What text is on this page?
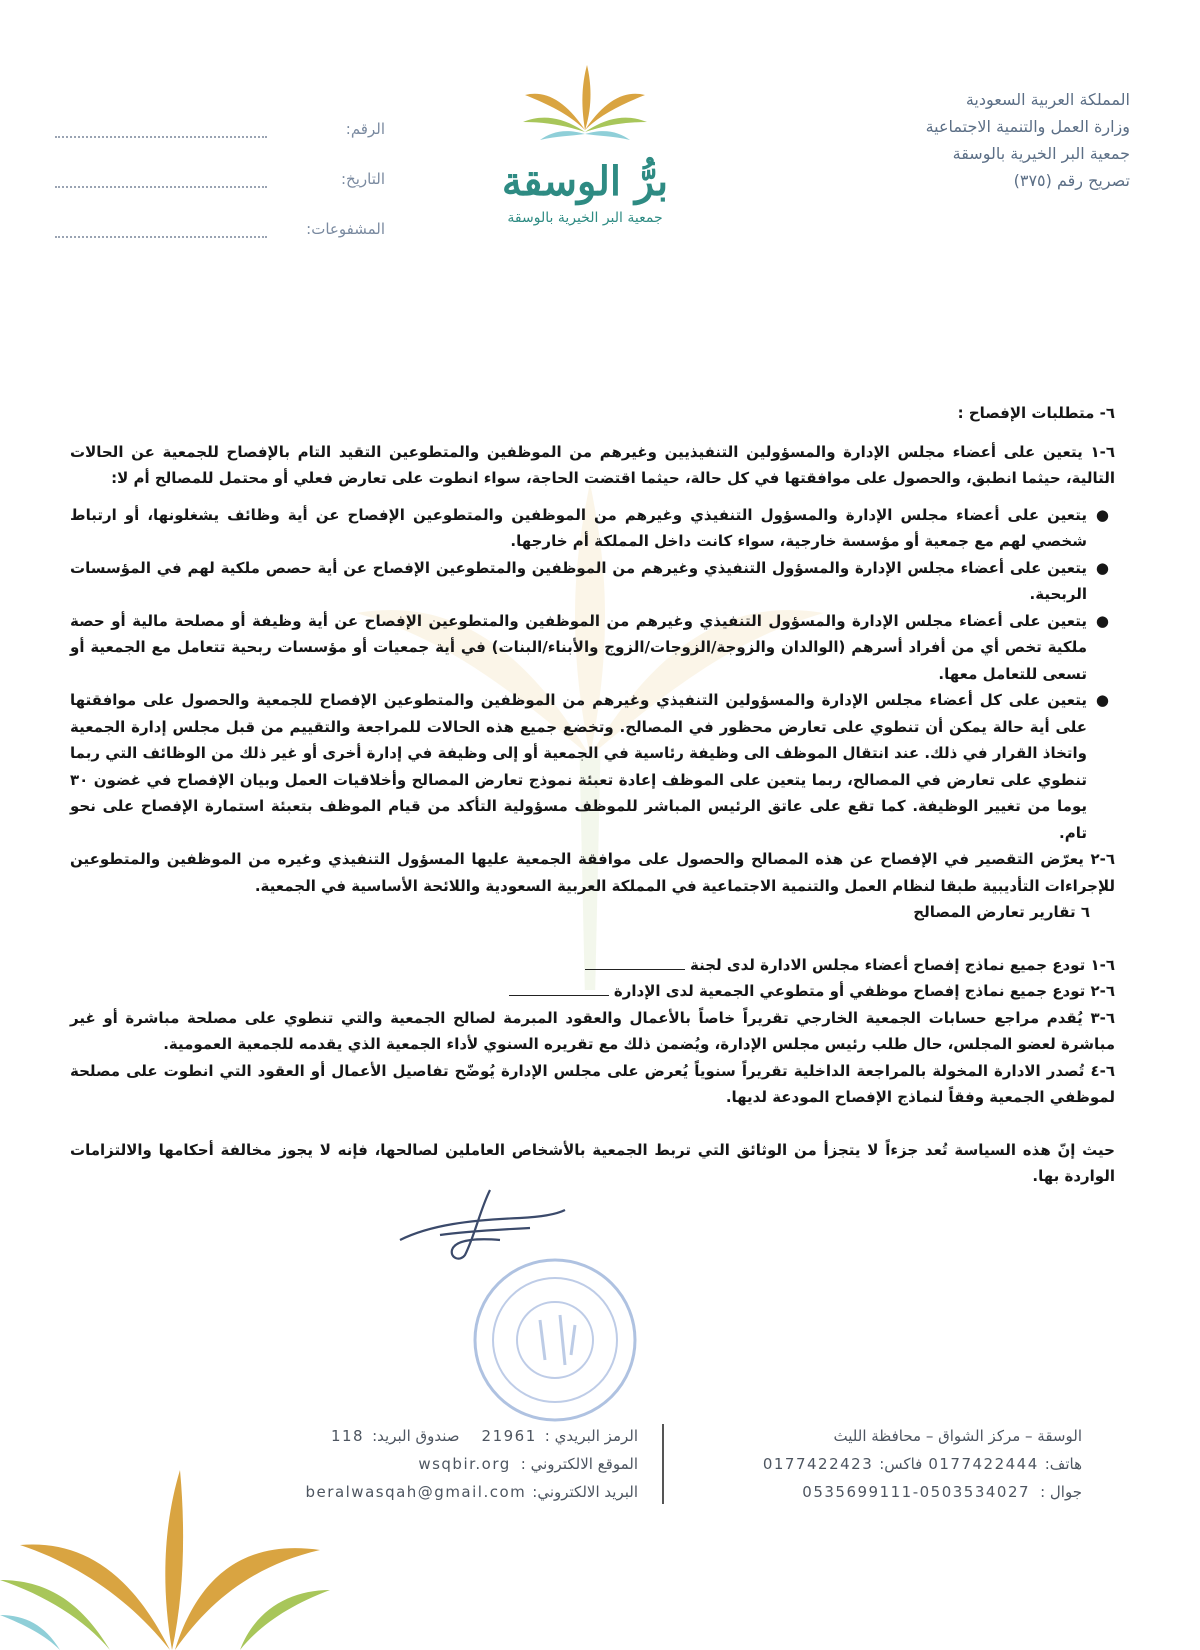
المملكة العربية السعودية
وزارة العمل والتنمية الاجتماعية
جمعية البر الخيرية بالوسقة
تصريح رقم (٣٧٥)
برُّ الوسقة
جمعية البر الخيرية بالوسقة
الرقم:
التاريخ:
المشفوعات:

٦- متطلبات الإفصاح :

٦-١ يتعين على أعضاء مجلس الإدارة والمسؤولين التنفيذيين وغيرهم من الموظفين والمتطوعين التقيد التام بالإفصاح للجمعية عن الحالات التالية، حيثما انطبق، والحصول على موافقتها في كل حالة، حيثما اقتضت الحاجة، سواء انطوت على تعارض فعلي أو محتمل للمصالح أم لا:

●
يتعين على أعضاء مجلس الإدارة والمسؤول التنفيذي وغيرهم من الموظفين والمتطوعين الإفصاح عن أية وظائف يشغلونها، أو ارتباط شخصي لهم مع جمعية أو مؤسسة خارجية، سواء كانت داخل المملكة أم خارجها.
●
يتعين على أعضاء مجلس الإدارة والمسؤول التنفيذي وغيرهم من الموظفين والمتطوعين الإفصاح عن أية حصص ملكية لهم في المؤسسات الربحية.
●
يتعين على أعضاء مجلس الإدارة والمسؤول التنفيذي وغيرهم من الموظفين والمتطوعين الإفصاح عن أية وظيفة أو مصلحة مالية أو حصة ملكية تخص أي من أفراد أسرهم (الوالدان والزوجة/الزوجات/الزوج والأبناء/البنات) في أية جمعيات أو مؤسسات ربحية تتعامل مع الجمعية أو تسعى للتعامل معها.
●
يتعين على كل أعضاء مجلس الإدارة والمسؤولين التنفيذي وغيرهم من الموظفين والمتطوعين الإفصاح للجمعية والحصول على موافقتها على أية حالة يمكن أن تنطوي على تعارض محظور في المصالح. وتخضع جميع هذه الحالات للمراجعة والتقييم من قبل مجلس إدارة الجمعية واتخاذ القرار في ذلك. عند انتقال الموظف الى وظيفة رئاسية في الجمعية أو إلى وظيفة في إدارة أخرى أو غير ذلك من الوظائف التي ربما تنطوي على تعارض في المصالح، ربما يتعين على الموظف إعادة تعبئة نموذج تعارض المصالح وأخلاقيات العمل وبيان الإفصاح في غضون ٣٠ يوما من تغيير الوظيفة. كما تقع على عاتق الرئيس المباشر للموظف مسؤولية التأكد من قيام الموظف بتعبئة استمارة الإفصاح على نحو تام.

٦-٢ يعرّض التقصير في الإفصاح عن هذه المصالح والحصول على موافقة الجمعية عليها المسؤول التنفيذي وغيره من الموظفين والمتطوعين للإجراءات التأديبية طبقا لنظام العمل والتنمية الاجتماعية في المملكة العربية السعودية واللائحة الأساسية في الجمعية.

٦ تقارير تعارض المصالح

٦-١ تودع جميع نماذج إفصاح أعضاء مجلس الادارة لدى لجنة

٦-٢ تودع جميع نماذج إفصاح موظفي أو متطوعي الجمعية لدى الإدارة

٦-٣ يُقدم مراجع حسابات الجمعية الخارجي تقريراً خاصاً بالأعمال والعقود المبرمة لصالح الجمعية والتي تنطوي على مصلحة مباشرة أو غير مباشرة لعضو المجلس، حال طلب رئيس مجلس الإدارة، ويُضمن ذلك مع تقريره السنوي لأداء الجمعية الذي يقدمه للجمعية العمومية.

٦-٤ تُصدر الادارة المخولة بالمراجعة الداخلية تقريراً سنوياً يُعرض على مجلس الإدارة يُوضّح تفاصيل الأعمال أو العقود التي انطوت على مصلحة لموظفي الجمعية وفقاً لنماذج الإفصاح المودعة لديها.

حيث إنّ هذه السياسة تُعد جزءاً لا يتجزأ من الوثائق التي تربط الجمعية بالأشخاص العاملين لصالحها، فإنه لا يجوز مخالفة أحكامها والالتزامات الواردة بها.

الوسقة – مركز الشواق – محافظة الليث
هاتف:
0177422444
فاكس:
0177422423
جوال :
0535699111-0503534027
الرمز البريدي :
21961
صندوق البريد:
118
الموقع الالكتروني :
wsqbir.org
البريد الالكتروني:
beralwasqah@gmail.com
